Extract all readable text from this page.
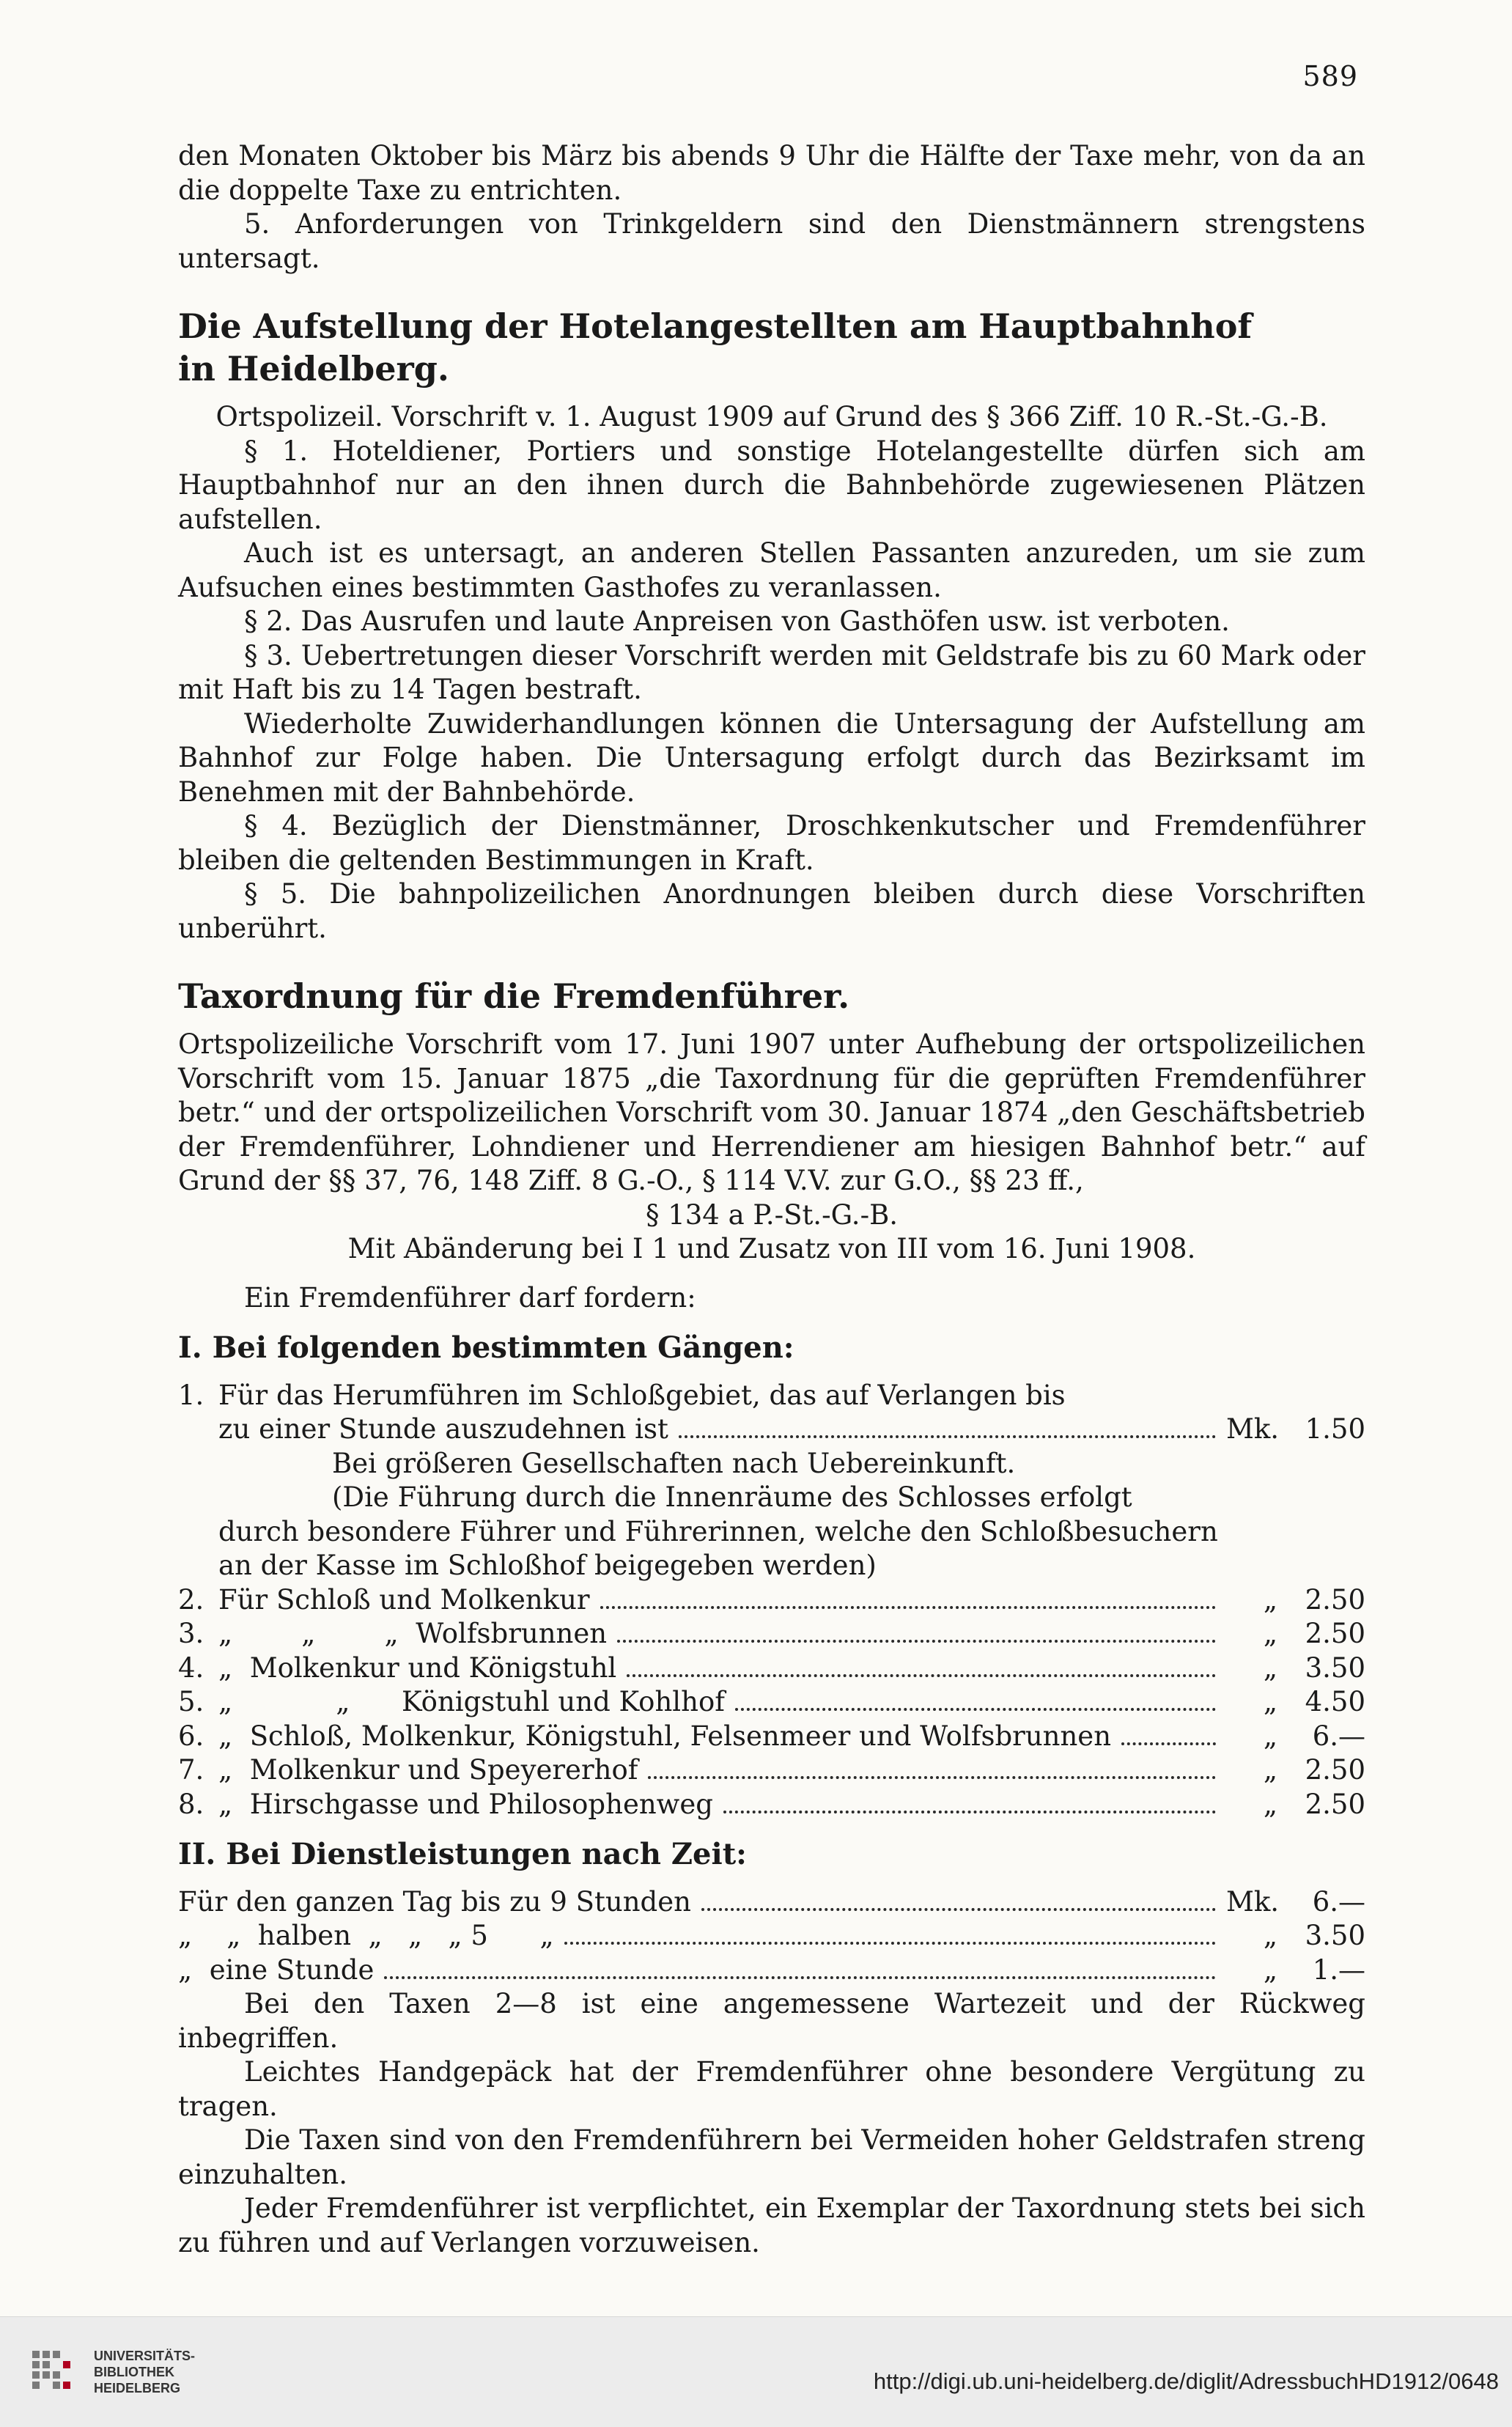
589

den Monaten Oktober bis März bis abends 9 Uhr die Hälfte der Taxe mehr, von da an die doppelte Taxe zu entrichten.

5. Anforderungen von Trinkgeldern sind den Dienstmännern strengstens untersagt.

Die Aufstellung der Hotelangestellten am Hauptbahnhof
in Heidelberg.

Ortspolizeil. Vorschrift v. 1. August 1909 auf Grund des § 366 Ziff. 10 R.-St.-G.-B.

§ 1. Hoteldiener, Portiers und sonstige Hotelangestellte dürfen sich am Hauptbahnhof nur an den ihnen durch die Bahnbehörde zugewiesenen Plätzen aufstellen.

Auch ist es untersagt, an anderen Stellen Passanten anzureden, um sie zum Aufsuchen eines bestimmten Gasthofes zu veranlassen.

§ 2. Das Ausrufen und laute Anpreisen von Gasthöfen usw. ist verboten.

§ 3. Uebertretungen dieser Vorschrift werden mit Geldstrafe bis zu 60 Mark oder mit Haft bis zu 14 Tagen bestraft.

Wiederholte Zuwiderhandlungen können die Untersagung der Aufstellung am Bahnhof zur Folge haben. Die Untersagung erfolgt durch das Bezirksamt im Benehmen mit der Bahnbehörde.

§ 4. Bezüglich der Dienstmänner, Droschkenkutscher und Fremdenführer bleiben die geltenden Bestimmungen in Kraft.

§ 5. Die bahnpolizeilichen Anordnungen bleiben durch diese Vorschriften unberührt.

Taxordnung für die Fremdenführer.

Ortspolizeiliche Vorschrift vom 17. Juni 1907 unter Aufhebung der ortspolizeilichen Vorschrift vom 15. Januar 1875 „die Taxordnung für die geprüften Fremdenführer betr.“ und der ortspolizeilichen Vorschrift vom 30. Januar 1874 „den Geschäftsbetrieb der Fremdenführer, Lohndiener und Herrendiener am hiesigen Bahnhof betr.“ auf Grund der §§ 37, 76, 148 Ziff. 8 G.-O., § 114 V.V. zur G.O., §§ 23 ff.,

§ 134 a P.-St.-G.-B.

Mit Abänderung bei I 1 und Zusatz von III vom 16. Juni 1908.

Ein Fremdenführer darf fordern:

I. Bei folgenden bestimmten Gängen:

1. Für das Herumführen im Schloßgebiet, das auf Verlangen bis
zu einer Stunde auszudehnen ist	Mk. 1.50

Bei größeren Gesellschaften nach Uebereinkunft.

(Die Führung durch die Innenräume des Schlosses erfolgt

durch besondere Führer und Führerinnen, welche den Schloßbesuchern

an der Kasse im Schloßhof beigegeben werden)

2. Für Schloß und Molkenkur	„	2.50
3. „        „        „  Wolfsbrunnen	„	2.50
4. „  Molkenkur und Königstuhl	„	3.50
5. „            „      Königstuhl und Kohlhof	„	4.50
6. „  Schloß, Molkenkur, Königstuhl, Felsenmeer und Wolfsbrunnen	„	6.—
7. „  Molkenkur und Speyererhof	„	2.50
8. „  Hirschgasse und Philosophenweg	„	2.50

II. Bei Dienstleistungen nach Zeit:

Für den ganzen Tag bis zu 9 Stunden	Mk.	6.—
„    „  halben  „   „   „ 5      „	„	3.50
„  eine Stunde	„	1.—

Bei den Taxen 2—8 ist eine angemessene Wartezeit und der Rückweg inbegriffen.

Leichtes Handgepäck hat der Fremdenführer ohne besondere Vergütung zu tragen.

Die Taxen sind von den Fremdenführern bei Vermeiden hoher Geldstrafen streng einzuhalten.

Jeder Fremdenführer ist verpflichtet, ein Exemplar der Taxordnung stets bei sich zu führen und auf Verlangen vorzuweisen.

UNIVERSITÄTS-
BIBLIOTHEK
HEIDELBERG	http://digi.ub.uni-heidelberg.de/diglit/AdressbuchHD1912/0648
